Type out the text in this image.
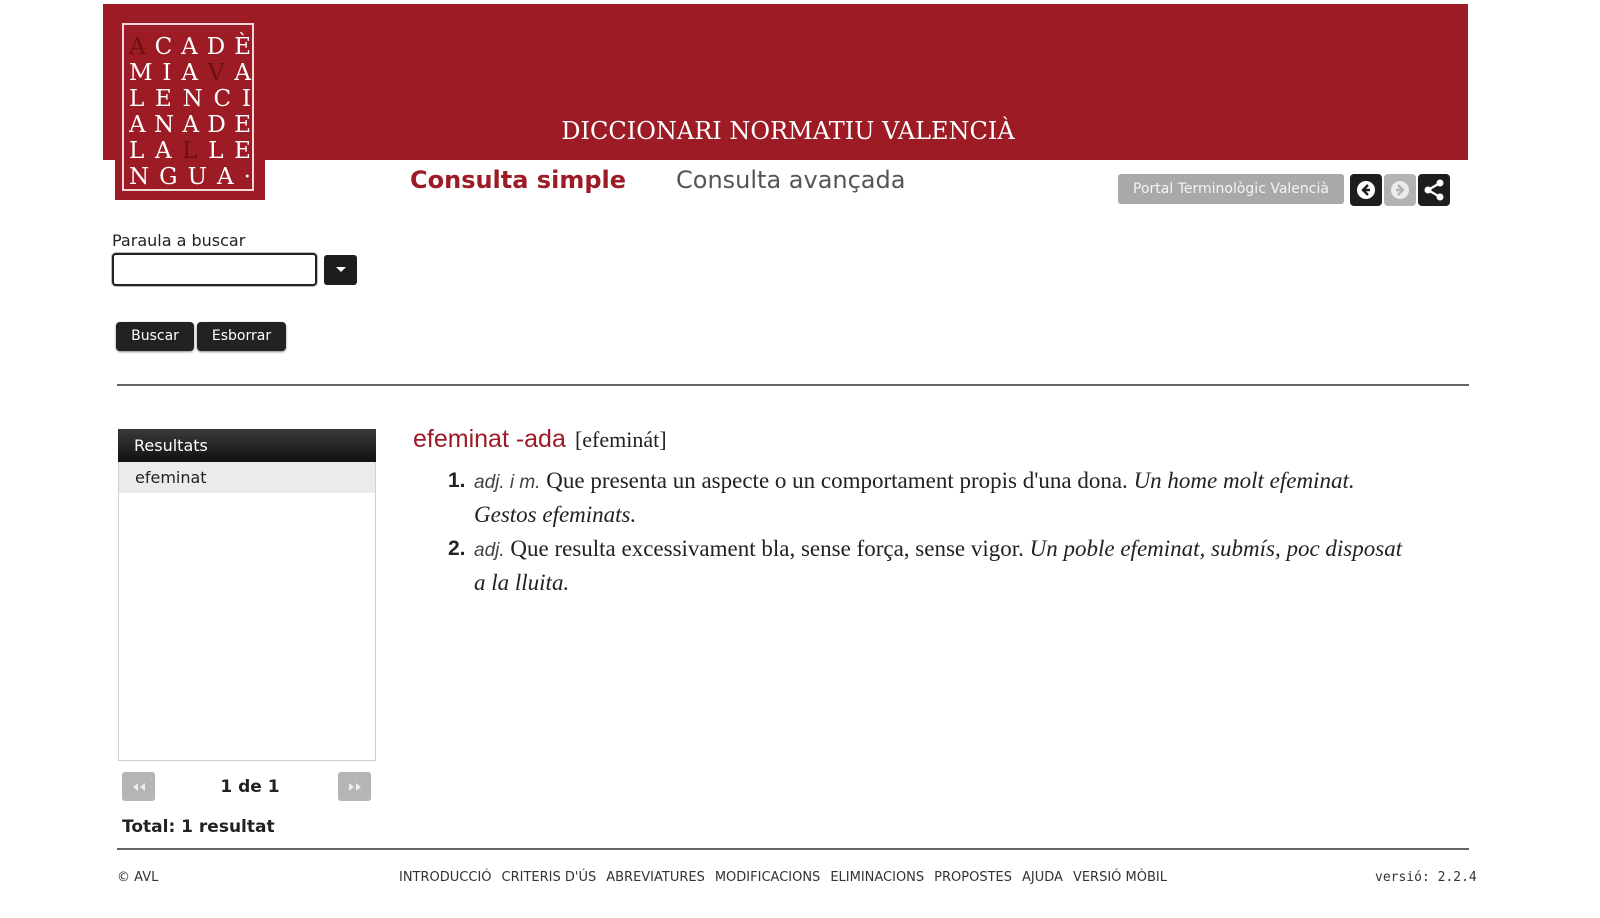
A C A D È
M I A V A
L E N C I
A N A D E
L A L L E
N G U A ·
DICCIONARI NORMATIU VALENCIÀ
Consulta simple Consulta avançada	Portal Terminològic Valencià
Paraula a buscar
Buscar	Esborrar
Resultats
efeminat
1 de 1
Total: 1 resultat
efeminat -ada [efeminát]
1. adj. i m. Que presenta un aspecte o un comportament propis d'una dona. Un home molt efeminat. Gestos efeminats.
2. adj. Que resulta excessivament bla, sense força, sense vigor. Un poble efeminat, submís, poc disposat a la lluita.
© AVL	INTRODUCCIÓ CRITERIS D'ÚS ABREVIATURES MODIFICACIONS ELIMINACIONS PROPOSTES AJUDA VERSIÓ MÒBIL	versió: 2.2.4
